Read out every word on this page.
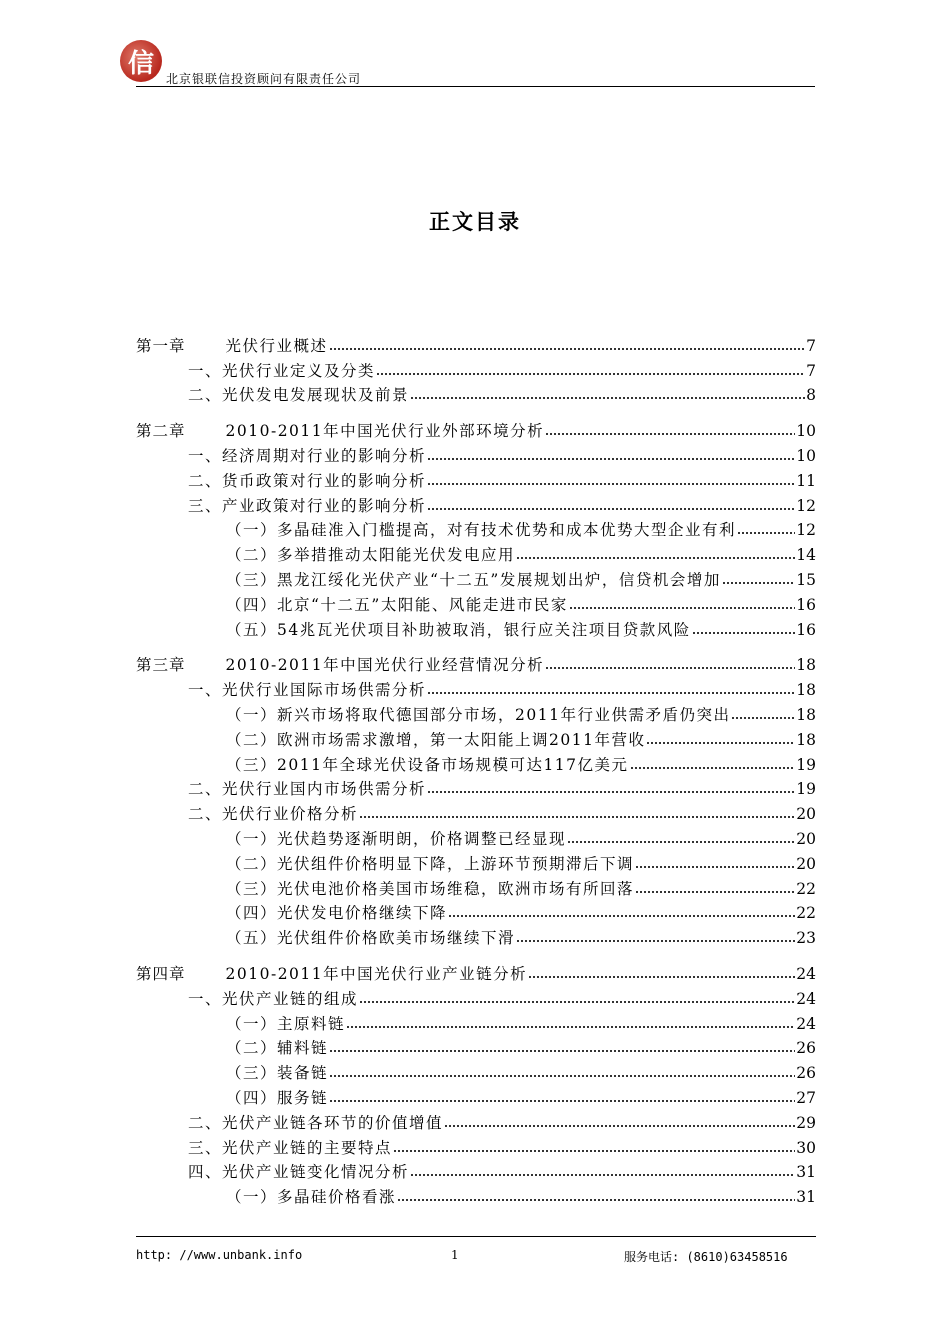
信
北京银联信投资顾问有限责任公司
正文目录
第一章	光伏行业概述	7
一、光伏行业定义及分类	7
二、光伏发电发展现状及前景	8
第二章	2010-2011年中国光伏行业外部环境分析	10
一、经济周期对行业的影响分析	10
二、货币政策对行业的影响分析	11
三、产业政策对行业的影响分析	12
（一）多晶硅准入门槛提高，对有技术优势和成本优势大型企业有利	12
（二）多举措推动太阳能光伏发电应用	14
（三）黑龙江绥化光伏产业“十二五”发展规划出炉，信贷机会增加	15
（四）北京“十二五”太阳能、风能走进市民家	16
（五）54兆瓦光伏项目补助被取消，银行应关注项目贷款风险	16
第三章	2010-2011年中国光伏行业经营情况分析	18
一、光伏行业国际市场供需分析	18
（一）新兴市场将取代德国部分市场，2011年行业供需矛盾仍突出	18
（二）欧洲市场需求激增，第一太阳能上调2011年营收	18
（三）2011年全球光伏设备市场规模可达117亿美元	19
二、光伏行业国内市场供需分析	19
二、光伏行业价格分析	20
（一）光伏趋势逐渐明朗，价格调整已经显现	20
（二）光伏组件价格明显下降，上游环节预期滞后下调	20
（三）光伏电池价格美国市场维稳，欧洲市场有所回落	22
（四）光伏发电价格继续下降	22
（五）光伏组件价格欧美市场继续下滑	23
第四章	2010-2011年中国光伏行业产业链分析	24
一、光伏产业链的组成	24
（一）主原料链	24
（二）辅料链	26
（三）装备链	26
（四）服务链	27
二、光伏产业链各环节的价值增值	29
三、光伏产业链的主要特点	30
四、光伏产业链变化情况分析	31
（一）多晶硅价格看涨	31
http: //www.unbank.info	1	服务电话: (8610)63458516
